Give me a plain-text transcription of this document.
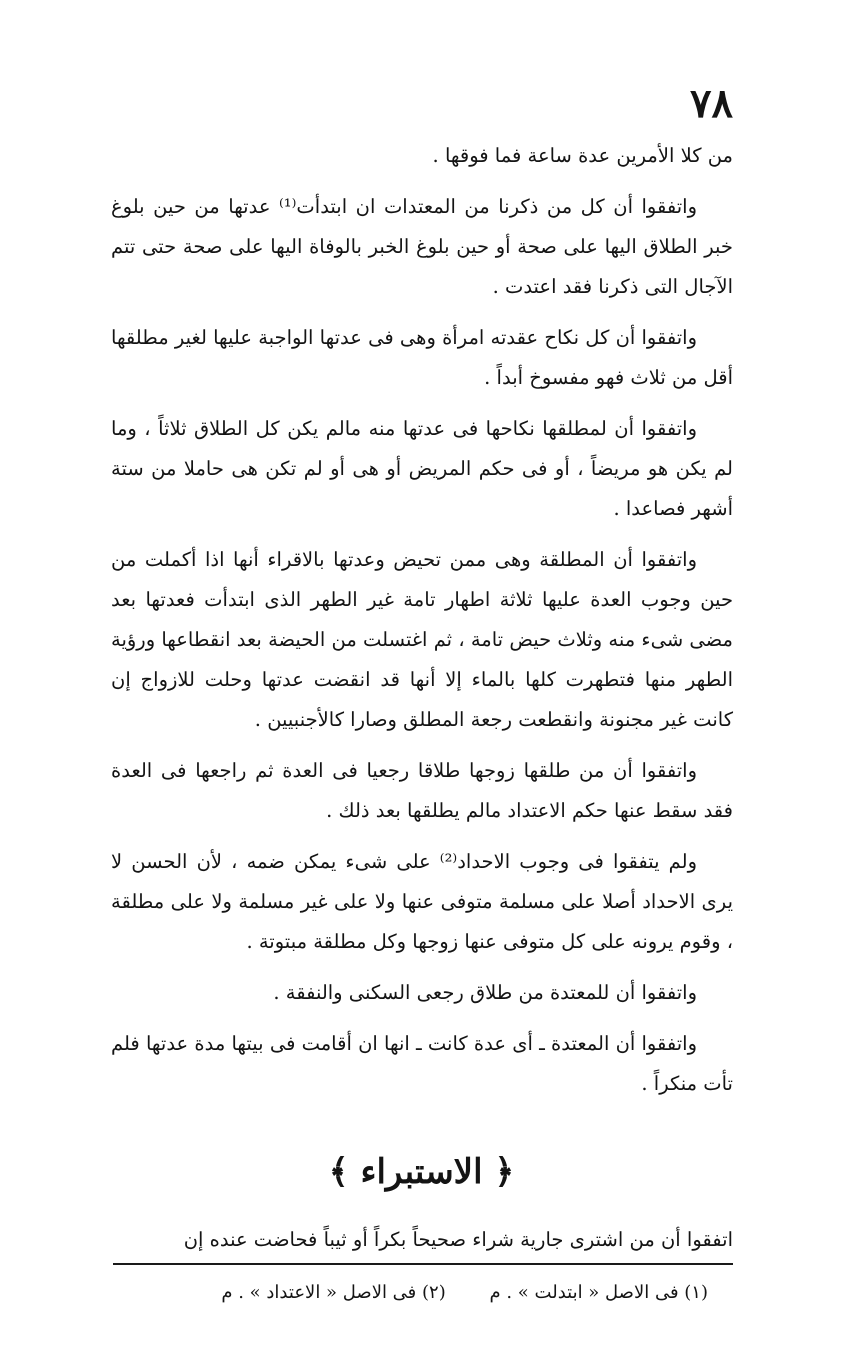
٧٨

من كلا الأمرين عدة ساعة فما فوقها .

واتفقوا أن كل من ذكرنا من المعتدات ان ابتدأت⁽¹⁾ عدتها من حين بلوغ خبر الطلاق اليها على صحة أو حين بلوغ الخبر بالوفاة اليها على صحة حتى تتم الآجال التى ذكرنا فقد اعتدت .

واتفقوا أن كل نكاح عقدته امرأة وهى فى عدتها الواجبة عليها لغير مطلقها أقل من ثلاث فهو مفسوخ أبداً .

واتفقوا أن لمطلقها نكاحها فى عدتها منه مالم يكن كل الطلاق ثلاثاً ، وما لم يكن هو مريضاً ، أو فى حكم المريض أو هى أو لم تكن هى حاملا من ستة أشهر فصاعدا .

واتفقوا أن المطلقة وهى ممن تحيض وعدتها بالاقراء أنها اذا أكملت من حين وجوب العدة عليها ثلاثة اطهار تامة غير الطهر الذى ابتدأت فعدتها بعد مضى شىء منه وثلاث حيض تامة ، ثم اغتسلت من الحيضة بعد انقطاعها ورؤية الطهر منها فتطهرت كلها بالماء إلا أنها قد انقضت عدتها وحلت للازواج إن كانت غير مجنونة وانقطعت رجعة المطلق وصارا كالأجنبيين .

واتفقوا أن من طلقها زوجها طلاقا رجعيا فى العدة ثم راجعها فى العدة فقد سقط عنها حكم الاعتداد مالم يطلقها بعد ذلك .

ولم يتفقوا فى وجوب الاحداد⁽²⁾ على شىء يمكن ضمه ، لأن الحسن لا يرى الاحداد أصلا على مسلمة متوفى عنها ولا على غير مسلمة ولا على مطلقة ، وقوم يرونه على كل متوفى عنها زوجها وكل مطلقة مبتوتة .

واتفقوا أن للمعتدة من طلاق رجعى السكنى والنفقة .

واتفقوا أن المعتدة ـ أى عدة كانت ـ انها ان أقامت فى بيتها مدة عدتها فلم تأت منكراً .

﴿ الاستبراء ﴾

اتفقوا أن من اشترى جارية شراء صحيحاً بكراً أو ثيباً فحاضت عنده إن

(١) فى الاصل « ابتدلت » . م (٢) فى الاصل « الاعتداد » . م
